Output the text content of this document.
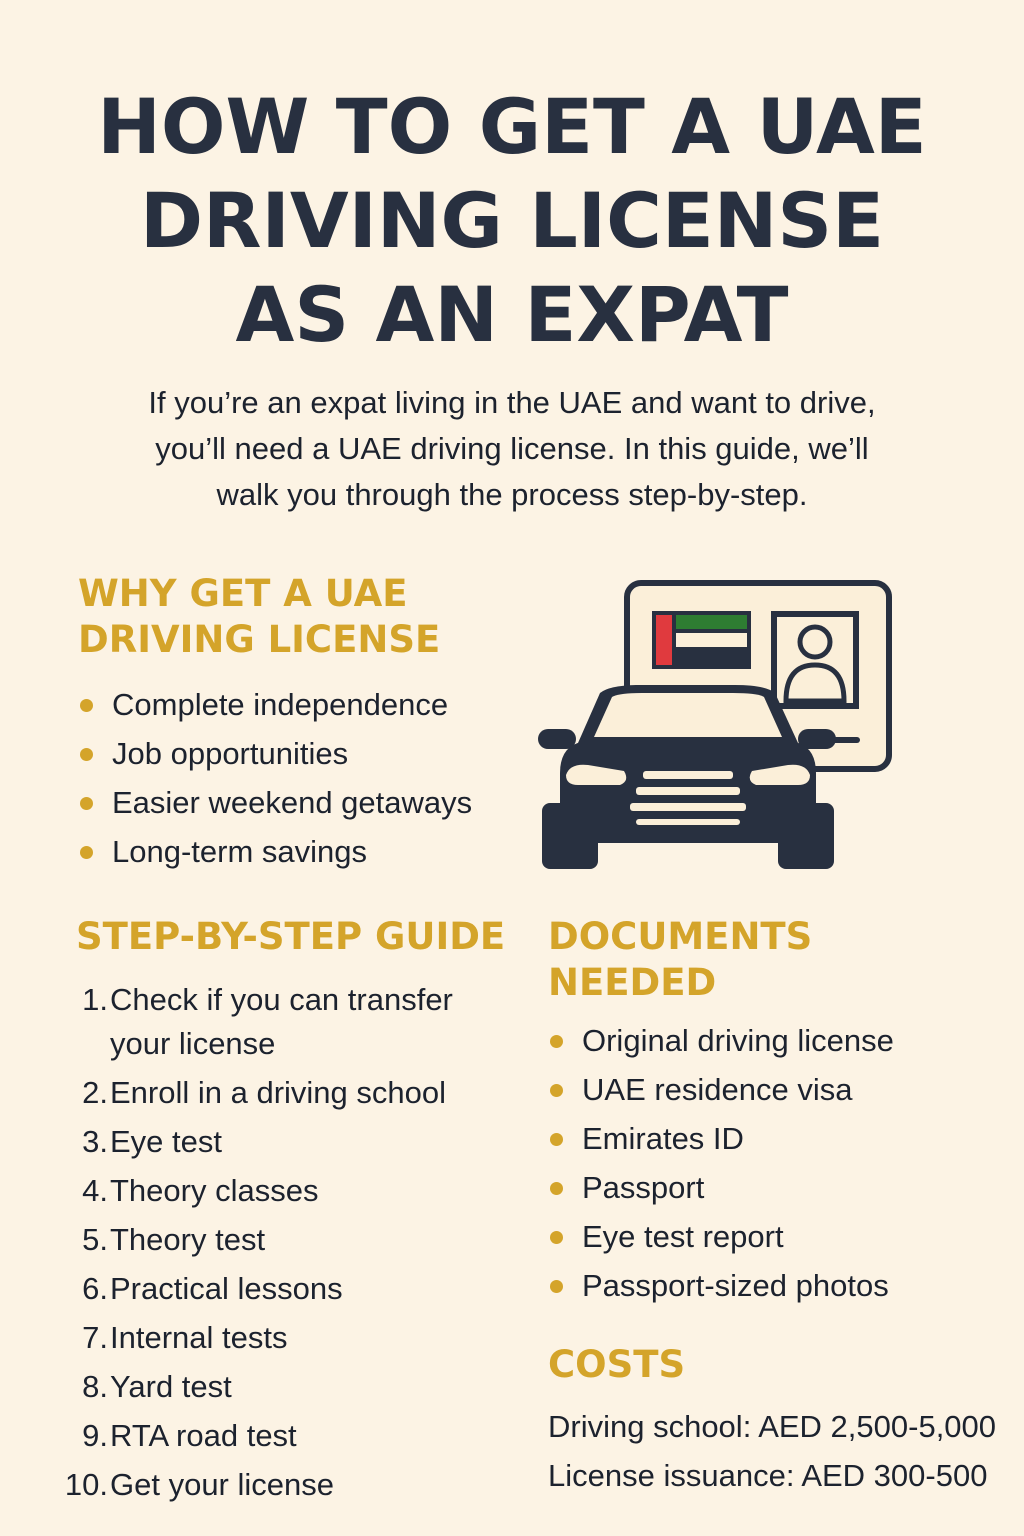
HOW TO GET A UAE
DRIVING LICENSE
AS AN EXPAT
If you’re an expat living in the UAE and want to drive,
you’ll need a UAE driving license. In this guide, we’ll
walk you through the process step-by-step.
WHY GET A UAE
DRIVING LICENSE
Complete independence
Job opportunities
Easier weekend getaways
Long-term savings
STEP-BY-STEP GUIDE
1. Check if you can transfer your license
2. Enroll in a driving school
3. Eye test
4. Theory classes
5. Theory test
6. Practical lessons
7. Internal tests
8. Yard test
9. RTA road test
10. Get your license
DOCUMENTS
NEEDED
Original driving license
UAE residence visa
Emirates ID
Passport
Eye test report
Passport-sized photos
COSTS
Driving school: AED 2,500-5,000
License issuance: AED 300-500
